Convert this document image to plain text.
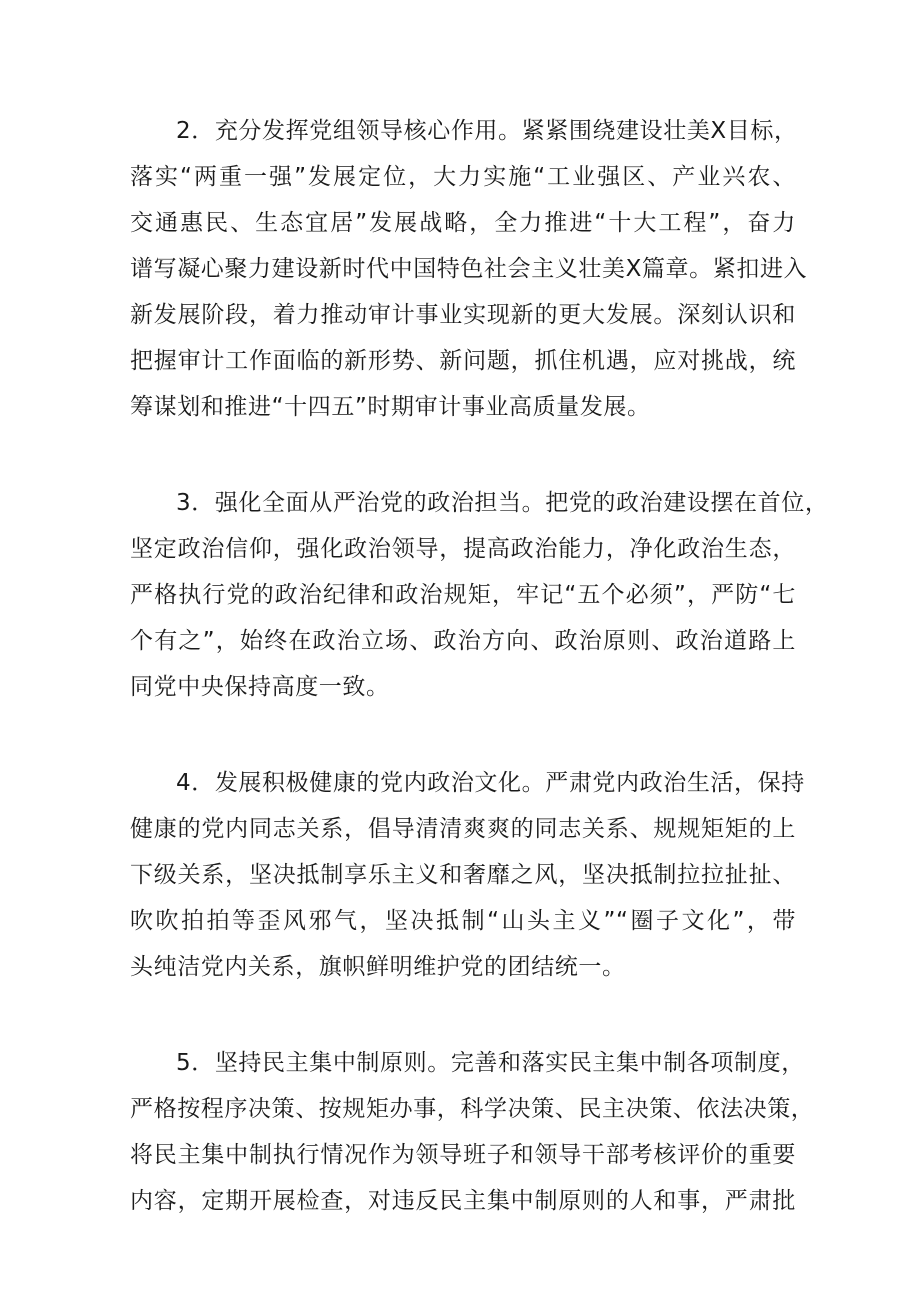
2．充分发挥党组领导核心作用。紧紧围绕建设壮美X目标，
落实“两重一强”发展定位，大力实施“工业强区、产业兴农、
交通惠民、生态宜居”发展战略，全力推进“十大工程”，奋力
谱写凝心聚力建设新时代中国特色社会主义壮美X篇章。紧扣进入
新发展阶段，着力推动审计事业实现新的更大发展。深刻认识和
把握审计工作面临的新形势、新问题，抓住机遇，应对挑战，统
筹谋划和推进“十四五”时期审计事业高质量发展。
3．强化全面从严治党的政治担当。把党的政治建设摆在首位，
坚定政治信仰，强化政治领导，提高政治能力，净化政治生态，
严格执行党的政治纪律和政治规矩，牢记“五个必须”，严防“七
个有之”，始终在政治立场、政治方向、政治原则、政治道路上
同党中央保持高度一致。
4．发展积极健康的党内政治文化。严肃党内政治生活，保持
健康的党内同志关系，倡导清清爽爽的同志关系、规规矩矩的上
下级关系，坚决抵制享乐主义和奢靡之风，坚决抵制拉拉扯扯、
吹吹拍拍等歪风邪气，坚决抵制“山头主义”“圈子文化”，带
头纯洁党内关系，旗帜鲜明维护党的团结统一。
5．坚持民主集中制原则。完善和落实民主集中制各项制度，
严格按程序决策、按规矩办事，科学决策、民主决策、依法决策，
将民主集中制执行情况作为领导班子和领导干部考核评价的重要
内容，定期开展检查，对违反民主集中制原则的人和事，严肃批
